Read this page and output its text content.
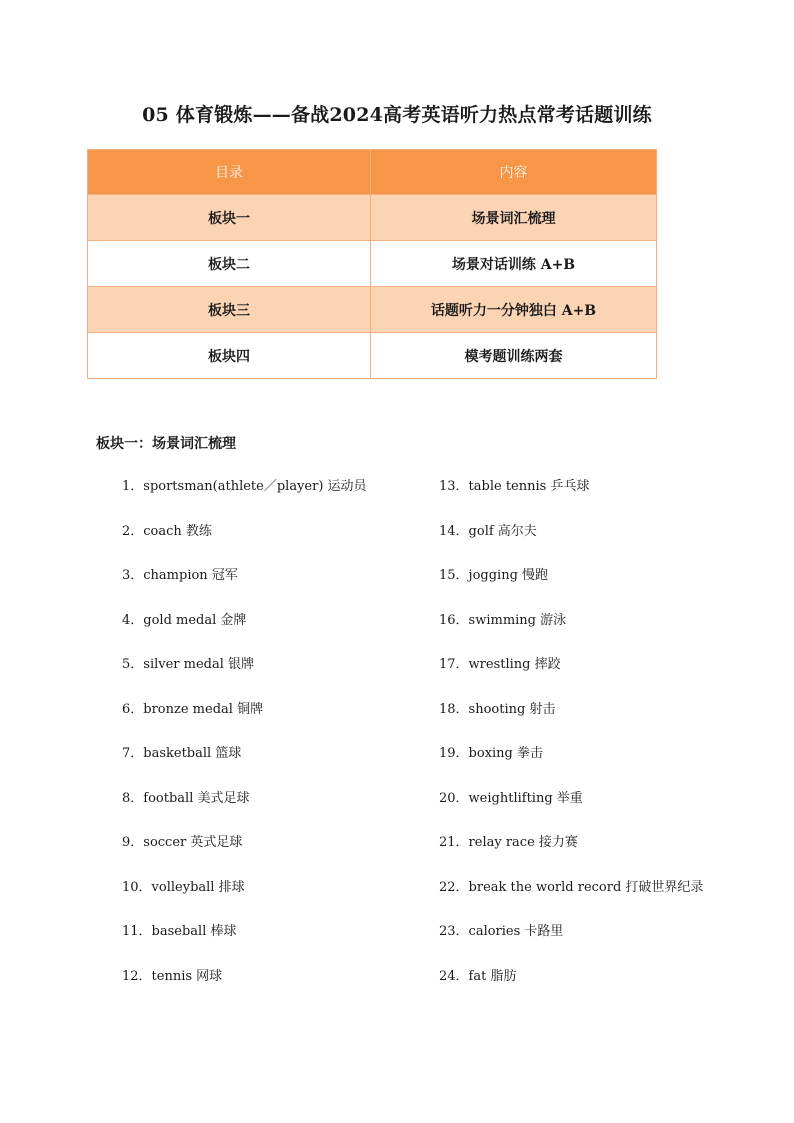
05 体育锻炼——备战2024高考英语听力热点常考话题训练
目录	内容
板块一	场景词汇梳理
板块二	场景对话训练 A+B
板块三	话题听力一分钟独白 A+B
板块四	模考题训练两套
板块一：场景词汇梳理
1．sportsman(athlete／player) 运动员	13．table tennis 乒乓球
2．coach 教练	14．golf 高尔夫
3．champion 冠军	15．jogging 慢跑
4．gold medal 金牌	16．swimming 游泳
5．silver medal 银牌	17．wrestling 摔跤
6．bronze medal 铜牌	18．shooting 射击
7．basketball 篮球	19．boxing 拳击
8．football 美式足球	20．weightlifting 举重
9．soccer 英式足球	21．relay race 接力赛
10．volleyball 排球	22．break the world record 打破世界纪录
11．baseball 棒球	23．calories 卡路里
12．tennis 网球	24．fat 脂肪
